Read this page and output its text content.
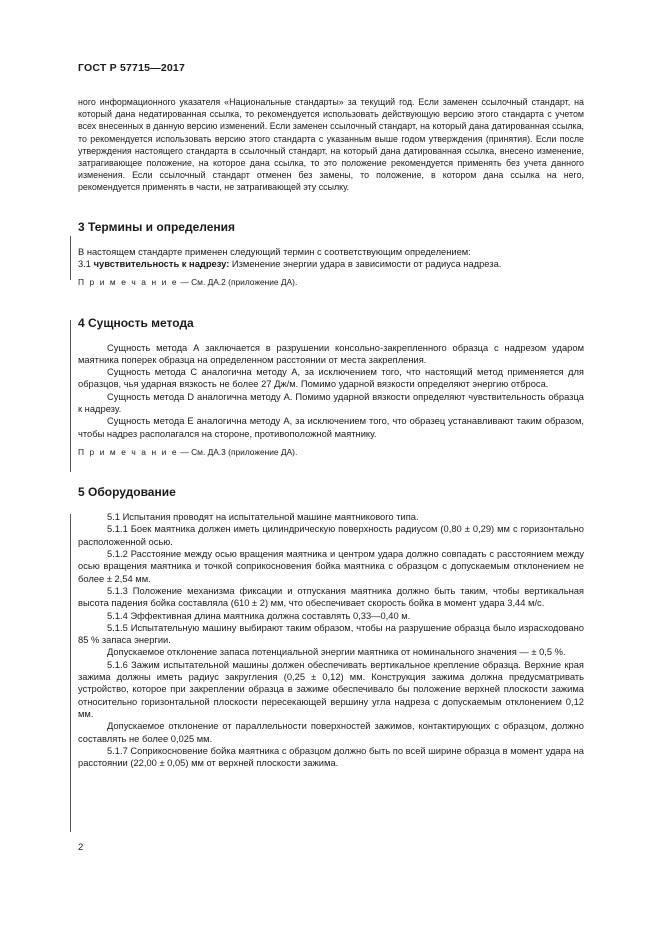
ГОСТ Р 57715—2017

ного информационного указателя «Национальные стандарты» за текущий год. Если заменен ссылочный стандарт, на который дана недатированная ссылка, то рекомендуется использовать действующую версию этого стандарта с учетом всех внесенных в данную версию изменений. Если заменен ссылочный стандарт, на который дана датированная ссылка, то рекомендуется использовать версию этого стандарта с указанным выше годом утверждения (принятия). Если после утверждения настоящего стандарта в ссылочный стандарт, на который дана датированная ссылка, внесено изменение, затрагивающее положение, на которое дана ссылка, то это положение рекомендуется применять без учета данного изменения. Если ссылочный стандарт отменен без замены, то положение, в котором дана ссылка на него, рекомендуется применять в части, не затрагивающей эту ссылку.

3 Термины и определения

В настоящем стандарте применен следующий термин с соответствующим определением:

3.1 чувствительность к надрезу: Изменение энергии удара в зависимости от радиуса надреза.

П р и м е ч а н и е — См. ДА.2 (приложение ДА).

4 Сущность метода

Сущность метода А заключается в разрушении консольно-закрепленного образца с надрезом ударом маятника поперек образца на определенном расстоянии от места закрепления.

Сущность метода С аналогична методу А, за исключением того, что настоящий метод применяется для образцов, чья ударная вязкость не более 27 Дж/м. Помимо ударной вязкости определяют энергию отброса.

Сущность метода D аналогична методу А. Помимо ударной вязкости определяют чувствительность образца к надрезу.

Сущность метода Е аналогична методу А, за исключением того, что образец устанавливают таким образом, чтобы надрез располагался на стороне, противоположной маятнику.

П р и м е ч а н и е — См. ДА.3 (приложение ДА).

5 Оборудование

5.1 Испытания проводят на испытательной машине маятникового типа.

5.1.1 Боек маятника должен иметь цилиндрическую поверхность радиусом (0,80 ± 0,29) мм с горизонтально расположенной осью.

5.1.2 Расстояние между осью вращения маятника и центром удара должно совпадать с расстоянием между осью вращения маятника и точкой соприкосновения бойка маятника с образцом с допускаемым отклонением не более ± 2,54 мм.

5.1.3 Положение механизма фиксации и отпускания маятника должно быть таким, чтобы вертикальная высота падения бойка составляла (610 ± 2) мм, что обеспечивает скорость бойка в момент удара 3,44 м/с.

5.1.4 Эффективная длина маятника должна составлять 0,33—0,40 м.

5.1.5 Испытательную машину выбирают таким образом, чтобы на разрушение образца было израсходовано 85 % запаса энергии.

Допускаемое отклонение запаса потенциальной энергии маятника от номинального значения — ± 0,5 %.

5.1.6 Зажим испытательной машины должен обеспечивать вертикальное крепление образца. Верхние края зажима должны иметь радиус закругления (0,25 ± 0,12) мм. Конструкция зажима должна предусматривать устройство, которое при закреплении образца в зажиме обеспечивало бы положение верхней плоскости зажима относительно горизонтальной плоскости пересекающей вершину угла надреза с допускаемым отклонением 0,12 мм.

Допускаемое отклонение от параллельности поверхностей зажимов, контактирующих с образцом, должно составлять не более 0,025 мм.

5.1.7 Соприкосновение бойка маятника с образцом должно быть по всей ширине образца в момент удара на расстоянии (22,00 ± 0,05) мм от верхней плоскости зажима.

2
